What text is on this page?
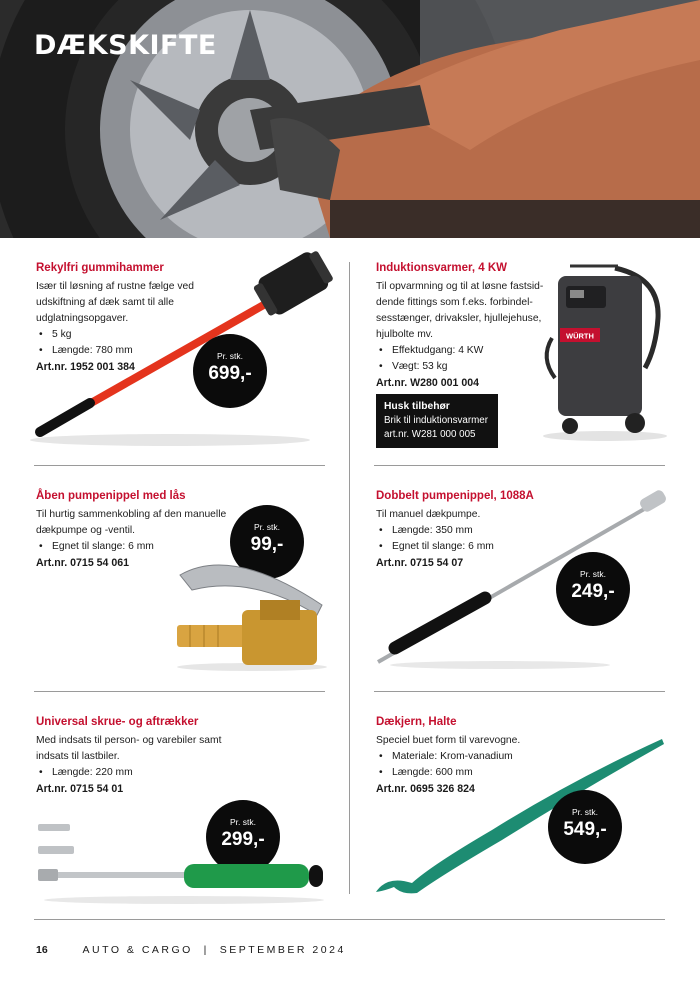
DÆKSKIFTE
Rekylfri gummihammer
Især til løsning af rustne fælge ved udskiftning af dæk samt til alle udglatningsopgaver.
• 5 kg
• Længde: 780 mm
Art.nr. 1952 001 384
Pr. stk.
699,-
Induktionsvarmer, 4 KW
Til opvarmning og til at løsne fastsid-dende fittings som f.eks. forbindel-sesstænger, drivaksler, hjullejehuse, hjulbolte mv.
• Effektudgang: 4 KW
• Vægt: 53 kg
Art.nr. W280 001 004
Husk tilbehør
Brik til induktionsvarmer art.nr. W281 000 005
WÜRTH
Åben pumpenippel med lås
Til hurtig sammenkobling af den manuelle dækpumpe og -ventil.
• Egnet til slange: 6 mm
Art.nr. 0715 54 061
Pr. stk.
99,-
Dobbelt pumpenippel, 1088A
Til manuel dækpumpe.
• Længde: 350 mm
• Egnet til slange: 6 mm
Art.nr. 0715 54 07
Pr. stk.
249,-
Universal skrue- og aftrækker
Med indsats til person- og varebiler samt indsats til lastbiler.
• Længde: 220 mm
Art.nr. 0715 54 01
Pr. stk.
299,-
Dækjern, Halte
Speciel buet form til varevogne.
• Materiale: Krom-vanadium
• Længde: 600 mm
Art.nr. 0695 326 824
Pr. stk.
549,-
16	AUTO & CARGO  |  SEPTEMBER 2024
